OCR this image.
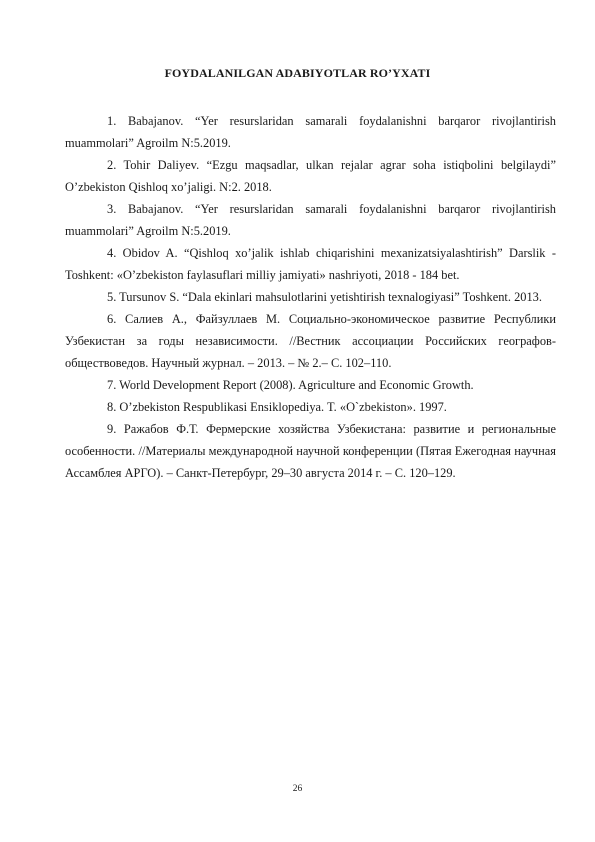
FOYDALANILGAN ADABIYOTLAR RO’YXATI

1. Babajanov. “Yer resurslaridan samarali foydalanishni barqaror rivojlantirish muammolari” Agroilm N:5.2019.

2. Tohir Daliyev. “Ezgu maqsadlar, ulkan rejalar agrar soha istiqbolini belgilaydi” O’zbekiston Qishloq xo’jaligi. N:2. 2018.

3. Babajanov. “Yer resurslaridan samarali foydalanishni barqaror rivojlantirish muammolari” Agroilm N:5.2019.

4. Obidov A. “Qishloq xo’jalik ishlab chiqarishini mexanizatsiyalashtirish” Darslik -Toshkent: «O’zbekiston faylasuflari milliy jamiyati» nashriyoti, 2018 - 184 bet.

5. Tursunov S. “Dala ekinlari mahsulotlarini yetishtirish texnalogiyasi” Toshkent. 2013.

6. Салиев А., Файзуллаев М. Социально-экономическое развитие Республики Узбекистан за годы независимости. //Вестник ассоциации Российских географов-обществоведов. Научный журнал. – 2013. – № 2.– С. 102–110.

7. World Development Report (2008). Agriculture and Economic Growth.

8. O’zbekiston Respublikasi Ensiklopediya. T. «O`zbekiston». 1997.

9. Ражабов Ф.Т. Фермерские хозяйства Узбекистана: развитие и региональные особенности. //Материалы международной научной конференции (Пятая Ежегодная научная Ассамблея АРГО). – Санкт-Петербург, 29–30 августа 2014 г. – С. 120–129.

26
